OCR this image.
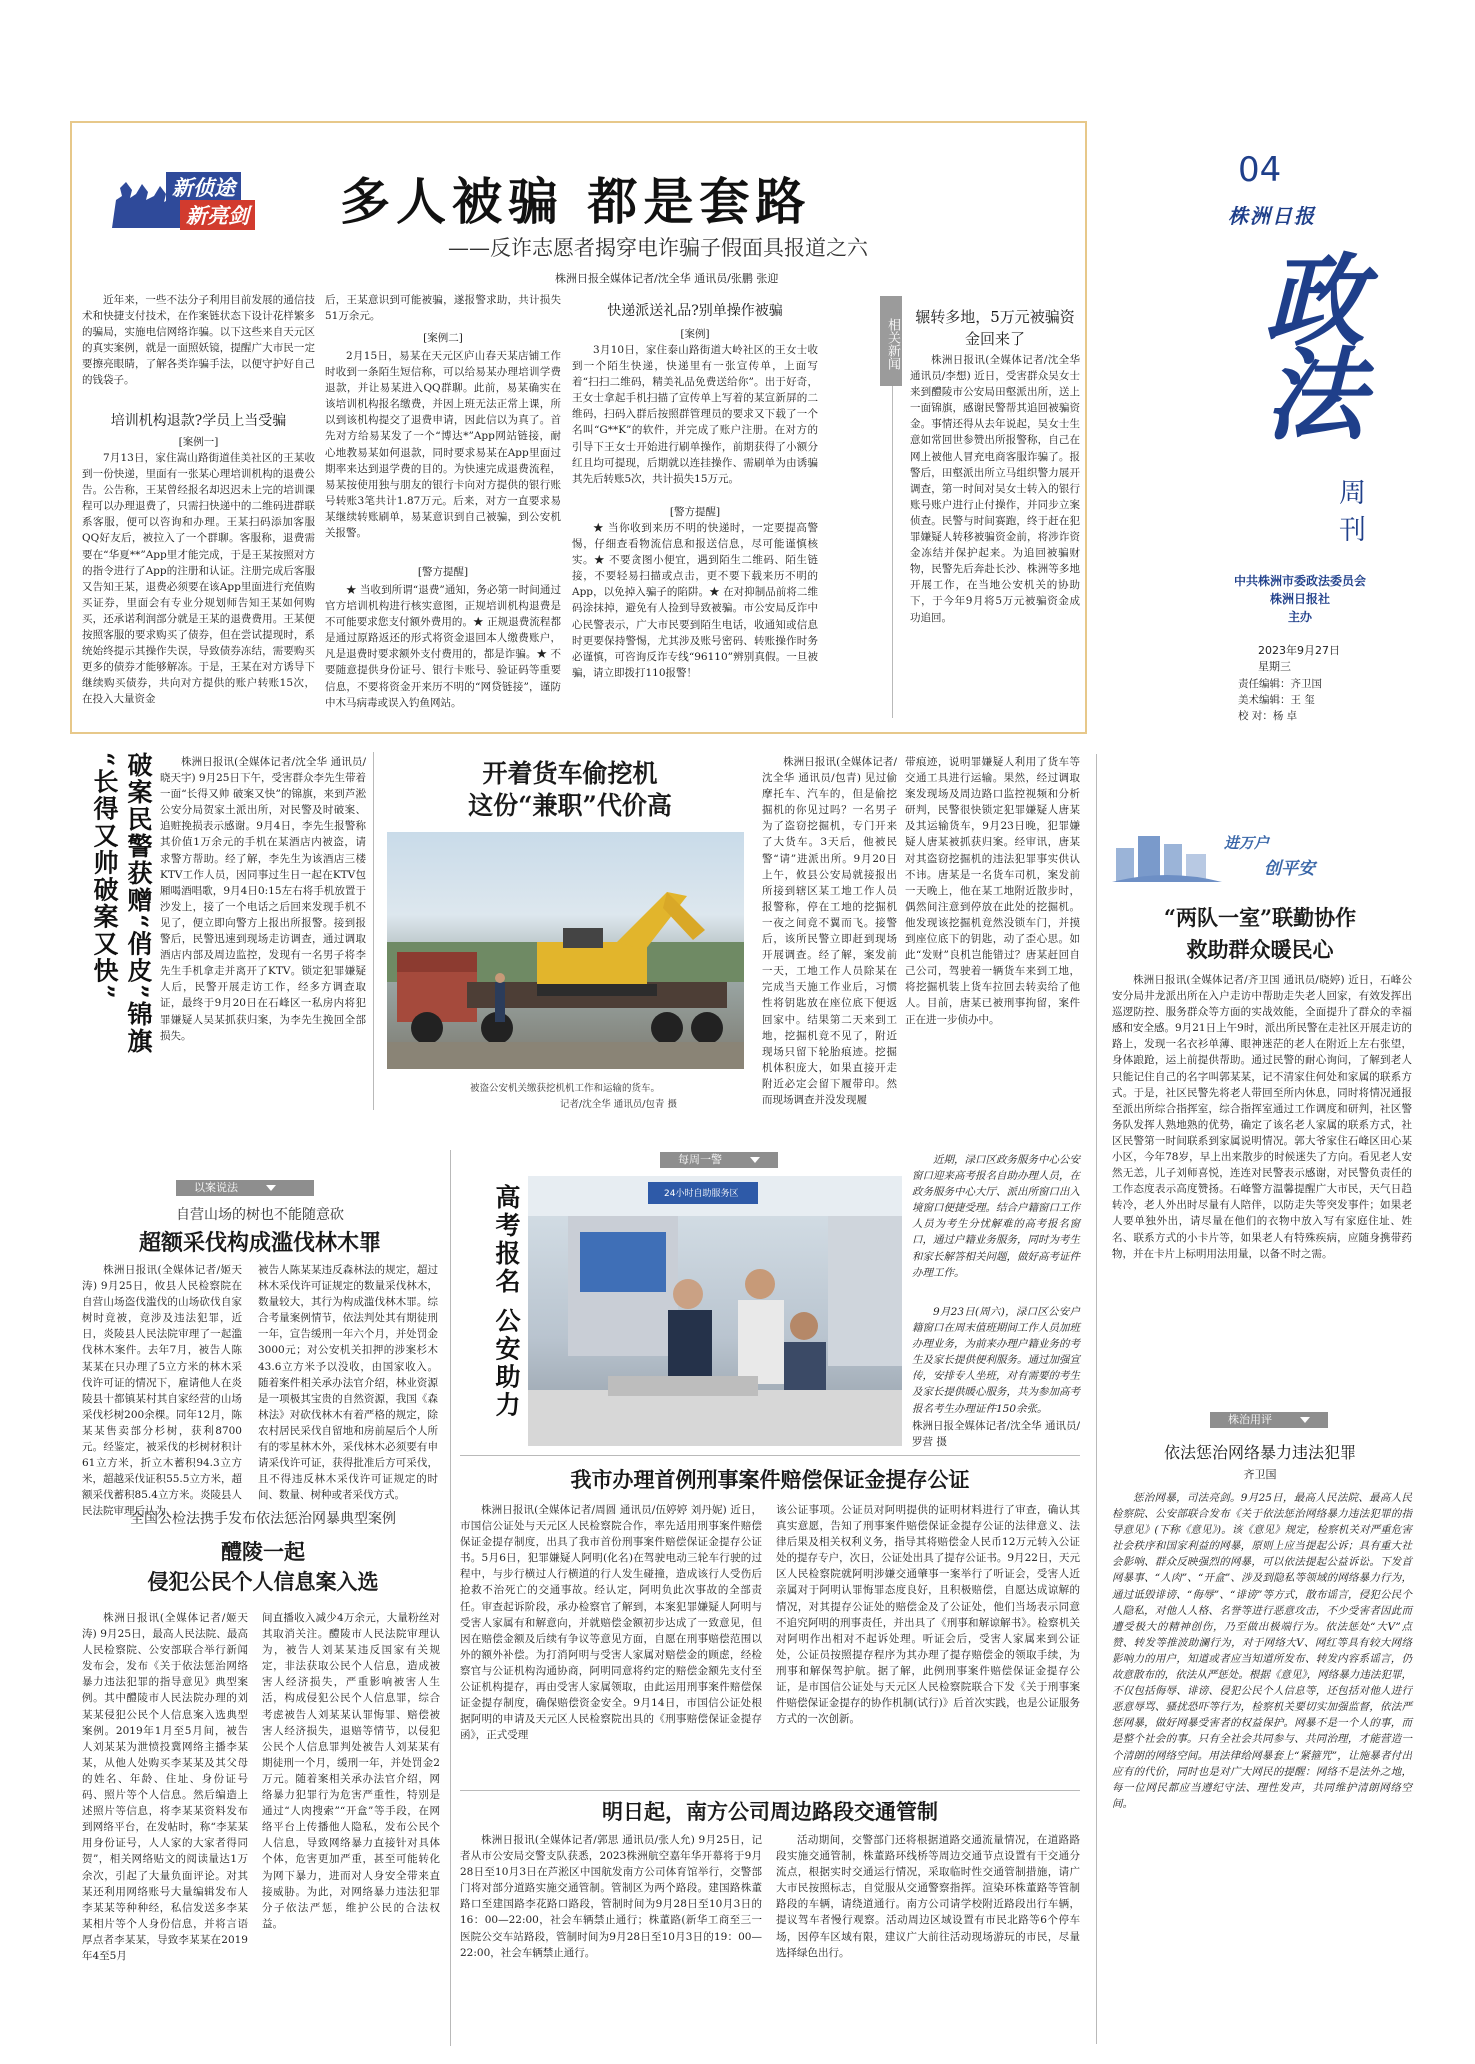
新侦途
新亮剑 多人被骗 都是套路
——反诈志愿者揭穿电诈骗子假面具报道之六
株洲日报全媒体记者/沈全华 通讯员/张鹏 张迎
近年来，一些不法分子利用目前发展的通信技术和快捷支付技术，在作案链状态下设计花样繁多的骗局，实施电信网络诈骗。以下这些来自天元区的真实案例，就是一面照妖镜，提醒广大市民一定要擦亮眼睛，了解各类诈骗手法，以便守护好自己的钱袋子。
培训机构退款?学员上当受骗
[案例一]
7月13日，家住嵩山路街道佳美社区的王某收到一份快递，里面有一张某心理培训机构的退费公告。公告称，王某曾经报名却迟迟未上完的培训课程可以办理退费了，只需扫快递中的二维码进群联系客服，便可以咨询和办理。王某扫码添加客服QQ好友后，被拉入了一个群聊。客服称，退费需要在“华夏**”App里才能完成，于是王某按照对方的指令进行了App的注册和认证。注册完成后客服又告知王某，退费必须要在该App里面进行充值购买证券，里面会有专业分规划师告知王某如何购买，还承诺利润部分就是王某的退费费用。王某便按照客服的要求购买了债券，但在尝试提现时，系统始终提示其操作失误，导致债券冻结，需要购买更多的债券才能够解冻。于是，王某在对方诱导下继续购买债券，共向对方提供的账户转账15次，在投入大量资金
后，王某意识到可能被骗，遂报警求助，共计损失51万余元。
[案例二]
2月15日，易某在天元区庐山春天某店铺工作时收到一条陌生短信称，可以给易某办理培训学费退款，并让易某进入QQ群聊。此前，易某确实在该培训机构报名缴费，并因上班无法正常上课，所以到该机构提交了退费申请，因此信以为真了。首先对方给易某发了一个“博达*”App网站链接，耐心地教易某如何退款，同时要求易某在App里面过期率来达到退学费的目的。为快速完成退费流程，易某按使用独与朋友的银行卡向对方提供的银行账号转账3笔共计1.87万元。后来，对方一直要求易某继续转账刷单，易某意识到自己被骗，到公安机关报警。
[警方提醒]
★ 当收到所谓“退费”通知，务必第一时间通过官方培训机构进行核实意图，正规培训机构退费是不可能要求您支付额外费用的。★ 正规退费流程都是通过原路返还的形式将资金退回本人缴费账户，凡是退费时要求额外支付费用的，都是诈骗。★ 不要随意提供身份证号、银行卡账号、验证码等重要信息，不要将资金开来历不明的“网贷链接”，谨防中木马病毒或误入钓鱼网站。
快递派送礼品?别单操作被骗
[案例]
3月10日，家住泰山路街道大岭社区的王女士收到一个陌生快递，快递里有一张宣传单，上面写着“扫扫二维码，精美礼品免费送给你”。出于好奇，王女士拿起手机扫描了宣传单上写着的某宣新屏的二维码，扫码入群后按照群管理员的要求又下载了一个名叫“G**K”的软件，并完成了账户注册。在对方的引导下王女士开始进行刷单操作，前期获得了小额分红且均可提现，后期就以连挂操作、需刷单为由诱骗其先后转账5次，共计损失15万元。
[警方提醒]
★ 当你收到来历不明的快递时，一定要提高警惕，仔细查看物流信息和报送信息，尽可能谨慎核实。★ 不要贪图小便宜，遇到陌生二维码、陌生链接，不要轻易扫描或点击，更不要下载来历不明的App，以免掉入骗子的陷阱。★ 在对抑制品前将二维码涂抹掉，避免有人捡到导致被骗。市公安局反诈中心民警表示，广大市民要到陌生电话，收通知或信息时更要保持警惕，尤其涉及账号密码、转账操作时务必谨慎，可咨询反诈专线“96110”辨别真假。一旦被骗，请立即拨打110报警！
相关新闻
辗转多地，5万元被骗资金回来了
株洲日报讯(全媒体记者/沈全华 通讯员/李想) 近日，受害群众吴女士来到醴陵市公安局田壑派出所，送上一面锦旗，感谢民警帮其追回被骗资金。事情还得从去年说起，吴女士生意如常回世参赞出所报警称，自己在网上被他人冒充电商客服诈骗了。报警后，田壑派出所立马组织警力展开调查，第一时间对吴女士转入的银行账号账户进行止付操作，并同步立案侦查。民警与时间赛跑，终于赶在犯罪嫌疑人转移被骗资金前，将涉诈资金冻结并保护起来。为追回被骗财物，民警先后奔赴长沙、株洲等多地开展工作，在当地公安机关的协助下，于今年9月将5万元被骗资金成功追回。
04
株洲日报
政法
周刊
中共株洲市委政法委员会
株洲日报社
主办
2023年9月27日
星期三
责任编辑：齐卫国
美术编辑：王 玺
校 对：杨 卓
破案民警获赠“俏皮”锦旗
“长得又帅破案又快”	株洲日报讯(全媒体记者/沈全华 通讯员/晓天宇) 9月25日下午，受害群众李先生带着一面“长得又帅 破案又快”的锦旗，来到芦淞公安分局贺家土派出所，对民警及时破案、追赃挽损表示感谢。9月4日，李先生报警称其价值1万余元的手机在某酒店内被盗，请求警方帮助。经了解，李先生为该酒店三楼KTV工作人员，因同事过生日一起在KTV包厢喝酒唱歌，9月4日0:15左右将手机放置于沙发上，接了一个电话之后回来发现手机不见了，便立即向警方上报出所报警。接到报警后，民警迅速到现场走访调查，通过调取酒店内部及周边监控，发现有一名男子将李先生手机拿走并离开了KTV。锁定犯罪嫌疑人后，民警开展走访工作，经多方调查取证，最终于9月20日在石峰区一私房内将犯罪嫌疑人吴某抓获归案，为李先生挽回全部损失。
开着货车偷挖机
这份“兼职”代价高
被盗公安机关缴获挖机机工作和运输的货车。
记者/沈全华 通讯员/包青 摄
株洲日报讯(全媒体记者/沈全华 通讯员/包青) 见过偷摩托车、汽车的，但是偷挖掘机的你见过吗？一名男子为了盗窃挖掘机，专门开来了大货车。3天后，他被民警“请”进派出所。9月20日上午，攸县公安局就接报出所接到辖区某工地工作人员报警称，停在工地的挖掘机一夜之间竟不翼而飞。接警后，该所民警立即赶到现场开展调查。经了解，案发前一天，工地工作人员除某在完成当天施工作业后，习惯性将钥匙放在座位底下便返回家中。结果第二天来到工地，挖掘机竟不见了，附近现场只留下轮胎痕迹。挖掘机体积庞大，如果直接开走附近必定会留下履带印。然而现场调查并没发现履
带痕迹，说明罪嫌疑人利用了货车等交通工具进行运输。果然，经过调取案发现场及周边路口监控视频和分析研判，民警很快锁定犯罪嫌疑人唐某及其运输货车，9月23日晚，犯罪嫌疑人唐某被抓获归案。经审讯，唐某对其盗窃挖掘机的违法犯罪事实供认不讳。唐某是一名货车司机，案发前一天晚上，他在某工地附近散步时，偶然间注意到停放在此处的挖掘机。他发现该挖掘机竟然没锁车门，并摸到座位底下的钥匙，动了歪心思。如此“发财”良机岂能错过？唐某赶回自己公司，驾驶着一辆货车来到工地，将挖掘机装上货车拉回去转卖给了他人。目前，唐某已被刑事拘留，案件正在进一步侦办中。
进万户
创平安
“两队一室”联勤协作
救助群众暖民心
株洲日报讯(全媒体记者/齐卫国 通讯员/晓婷) 近日，石峰公安分局井龙派出所在入户走访中帮助走失老人回家，有效发挥出巡逻防控、服务群众等方面的实战效能，全面提升了群众的幸福感和安全感。9月21日上午9时，派出所民警在走社区开展走访的路上，发现一名衣衫单薄、眼神迷茫的老人在附近上左右张望，身体踉跄，运上前提供帮助。通过民警的耐心询问，了解到老人只能记住自己的名字叫郭某某，记不清家住何处和家属的联系方式。于是，社区民警先将老人带回至所内休息，同时将情况通报至派出所综合指挥室，综合指挥室通过工作调度和研判，社区警务队发挥人熟地熟的优势，确定了该名老人家属的联系方式，社区民警第一时间联系到家属说明情况。郭大爷家住石峰区田心某小区，今年78岁，早上出来散步的时候迷失了方向。看见老人安然无恙，儿子刘师喜悦，连连对民警表示感谢，对民警负责任的工作态度表示高度赞扬。石峰警方温馨提醒广大市民，天气日趋转冷，老人外出时尽量有人陪伴，以防走失等突发事件；如果老人要单独外出，请尽量在他们的衣物中放入写有家庭住址、姓名、联系方式的小卡片等，如果老人有特殊疾病，应随身携带药物，并在卡片上标明用法用量，以备不时之需。
以案说法
自营山场的树也不能随意砍
超额采伐构成滥伐林木罪
株洲日报讯(全媒体记者/姬天涛) 9月25日，攸县人民检察院在自营山场盗伐滥伐的山场砍伐自家树时竟被，竟涉及违法犯罪，近日，炎陵县人民法院审理了一起滥伐林木案件。去年7月，被告人陈某某在只办理了5立方米的林木采伐许可证的情况下，雇请他人在炎陵县十都镇某村其自家经营的山场采伐杉树200余棵。同年12月，陈某某售卖部分杉树，获利8700元。经鉴定，被采伐的杉树材积计61立方米，折立木蓄积94.3立方米，超越采伐证积55.5立方米，超额采伐蓄积85.4立方米。炎陵县人民法院审理后认为，
被告人陈某某违反森林法的规定，超过林木采伐许可证规定的数量采伐林木，数量较大，其行为构成滥伐林木罪。综合考量案例情节，依法判处其有期徒刑一年，宣告缓刑一年六个月，并处罚金3000元；对公安机关扣押的涉案杉木43.6立方米予以没收，由国家收入。随着案件相关承办法官介绍，林业资源是一项极其宝贵的自然资源，我国《森林法》对砍伐林木有着严格的规定，除农村居民采伐自留地和房前屋后个人所有的零星林木外，采伐林木必须要有申请采伐许可证，获得批准后方可采伐，且不得违反林木采伐许可证规定的时间、数量、树种或者采伐方式。
全国公检法携手发布依法惩治网暴典型案例
醴陵一起
侵犯公民个人信息案入选
株洲日报讯(全媒体记者/姬天涛) 9月25日，最高人民法院、最高人民检察院、公安部联合举行新闻发布会，发布《关于依法惩治网络暴力违法犯罪的指导意见》典型案例。其中醴陵市人民法院办理的刘某某侵犯公民个人信息案入选典型案例。2019年1月至5月间，被告人刘某某为泄愤投冀网络主播李某某，从他人处购买李某某及其父母的姓名、年龄、住址、身份证号码、照片等个人信息。然后编造上述照片等信息，将李某某资料发布到网络平台，在发帖时，称“李某某用身份证号，人人家的大家者得同贺”，相关网络贴文的阅读量达1万余次，引起了大量负面评论。对其某还利用网络账号大量编辑发布人李某某等种种经，私信发送多李某某相片等个人身份信息，并将言语厚点者李某某，导致李某某在2019年4至5月
间直播收入减少4万余元，大量粉丝对其取消关注。醴陵市人民法院审理认为，被告人刘某某违反国家有关规定，非法获取公民个人信息，造成被害人经济损失，严重影响被害人生活，构成侵犯公民个人信息罪，综合考虑被告人刘某某认罪悔罪、赔偿被害人经济损失，退赔等情节，以侵犯公民个人信息罪判处被告人刘某某有期徒刑一个月，缓刑一年，并处罚金2万元。随着案相关承办法官介绍，网络暴力犯罪行为危害严重性，特别是通过“人肉搜索”“开盒”等手段，在网络平台上传播他人隐私，发布公民个人信息，导致网络暴力直接针对具体个体，危害更加严重，甚至可能转化为网下暴力，进而对人身安全带来直接威胁。为此，对网络暴力违法犯罪分子依法严惩，维护公民的合法权益。
每周一警
高考报名 公安助力	24小时自助服务区
近期，渌口区政务服务中心公安窗口迎来高考报名自助办理人员，在政务服务中心大厅、派出所窗口出入境窗口便捷受理。结合户籍窗口工作人员为考生分忧解难的高考报名窗口，通过户籍业务服务，同时为考生和家长解答相关问题，做好高考证件办理工作。
9月23日(周六)，渌口区公安户籍窗口在周末值班期间工作人员加班办理业务，为前来办理户籍业务的考生及家长提供便利服务。通过加强宣传，安排专人坐班，对有需要的考生及家长提供暖心服务，共为参加高考报名考生办理证件150余张。
株洲日报全媒体记者/沈全华 通讯员/罗营 摄
我市办理首例刑事案件赔偿保证金提存公证
株洲日报讯(全媒体记者/周圆 通讯员/伍婷婷 刘丹妮) 近日，市国信公证处与天元区人民检察院合作，率先适用刑事案件赔偿保证金提存制度，出具了我市首份刑事案件赔偿保证金提存公证书。5月6日，犯罪嫌疑人阿明(化名)在驾驶电动三轮车行驶的过程中，与步行横过人行横道的行人发生碰撞，造成该行人受伤后抢救不治死亡的交通事故。经认定，阿明负此次事故的全部责任。审查起诉阶段，承办检察官了解到，本案犯罪嫌疑人阿明与受害人家属有和解意向，并就赔偿金额初步达成了一致意见，但因在赔偿金额及后续有争议等意见方面，自愿在刑事赔偿范围以外的额外补偿。为打消阿明与受害人家属对赔偿金的顾虑，经检察官与公证机构沟通协商，阿明同意将约定的赔偿金额先支付至公证机构提存，再由受害人家属领取，由此运用刑事案件赔偿保证金提存制度，确保赔偿资金安全。9月14日，市国信公证处根据阿明的申请及天元区人民检察院出具的《刑事赔偿保证金提存函》，正式受理
该公证事项。公证员对阿明提供的证明材料进行了审查，确认其真实意愿，告知了刑事案件赔偿保证金提存公证的法律意义、法律后果及相关权利义务，指导其将赔偿金人民币12万元转入公证处的提存专户，次日，公证处出具了提存公证书。9月22日，天元区人民检察院就阿明涉嫌交通肇事一案举行了听证会，受害人近亲属对于阿明认罪悔罪态度良好，且积极赔偿，自愿达成谅解的情况，对其提存公证处的赔偿金及了公证处，他们当场表示同意不追究阿明的刑事责任，并出具了《刑事和解谅解书》。检察机关对阿明作出相对不起诉处理。听证会后，受害人家属来到公证处，公证员按照提存程序为其办理了提存赔偿金的领取手续，为刑事和解保驾护航。据了解，此例刑事案件赔偿保证金提存公证，是市国信公证处与天元区人民检察院联合下发《关于刑事案件赔偿保证金提存的协作机制(试行)》后首次实践，也是公证服务方式的一次创新。
明日起，南方公司周边路段交通管制
株洲日报讯(全媒体记者/郭思 通讯员/张人允) 9月25日，记者从市公安局交警支队获悉，2023株洲航空嘉年华开幕将于9月28日至10月3日在芦淞区中国航发南方公司体育馆举行，交警部门将对部分道路实施交通管制。管制区为两个路段。建国路株董路口至建国路李花路口路段，管制时间为9月28日至10月3日的16：00—22:00，社会车辆禁止通行；株董路(新华工商至三一医院公交车站路段，管制时间为9月28日至10月3日的19：00—22:00，社会车辆禁止通行。
活动期间，交警部门还将根据道路交通流量情况，在道路路段实施交通管制，株董路环线桥等周边交通节点设置有干交通分流点，根据实时交通运行情况，采取临时性交通管制措施，请广大市民按照标志，自觉服从交通警察指挥。渲染环株董路等管制路段的车辆，请绕道通行。南方公司请学校附近路段出行车辆，提议驾车者慢行观察。活动周边区域设置有市民北路等6个停车场，因停车区域有限，建议广大前往活动现场游玩的市民，尽量选择绿色出行。
株治用评
依法惩治网络暴力违法犯罪
齐卫国
惩治网暴，司法亮剑。9月25日，最高人民法院、最高人民检察院、公安部联合发布《关于依法惩治网络暴力违法犯罪的指导意见》(下称《意见》)。该《意见》规定，检察机关对严重危害社会秩序和国家利益的网暴，原则上应当提起公诉；具有重大社会影响、群众反映强烈的网暴，可以依法提起公益诉讼。下发首网暴事、“人肉”、“开盒”、涉及到隐私等领域的网络暴力行为，通过诋毁诽谤、“侮辱”、“诽谤”等方式，散布谣言，侵犯公民个人隐私，对他人人格、名誉等进行恶意攻击，不少受害者因此而遭受极大的精神创伤，乃至做出极端行为。依法惩处“大V”点赞、转发等推波助澜行为，对于网络大V、网红等具有较大网络影响力的用户，知道或者应当知道所发布、转发内容系谣言，仍故意散布的，依法从严惩处。根据《意见》，网络暴力违法犯罪，不仅包括侮辱、诽谤、侵犯公民个人信息等，还包括对他人进行恶意辱骂、骚扰恐吓等行为，检察机关要切实加强监督，依法严惩网暴，做好网暴受害者的权益保护。网暴不是一个人的事，而是整个社会的事。只有全社会共同参与、共同治理，才能营造一个清朗的网络空间。用法律给网暴套上“紧箍咒”，让施暴者付出应有的代价，同时也是对广大网民的提醒：网络不是法外之地，每一位网民都应当遵纪守法、理性发声，共同维护清朗网络空间。
